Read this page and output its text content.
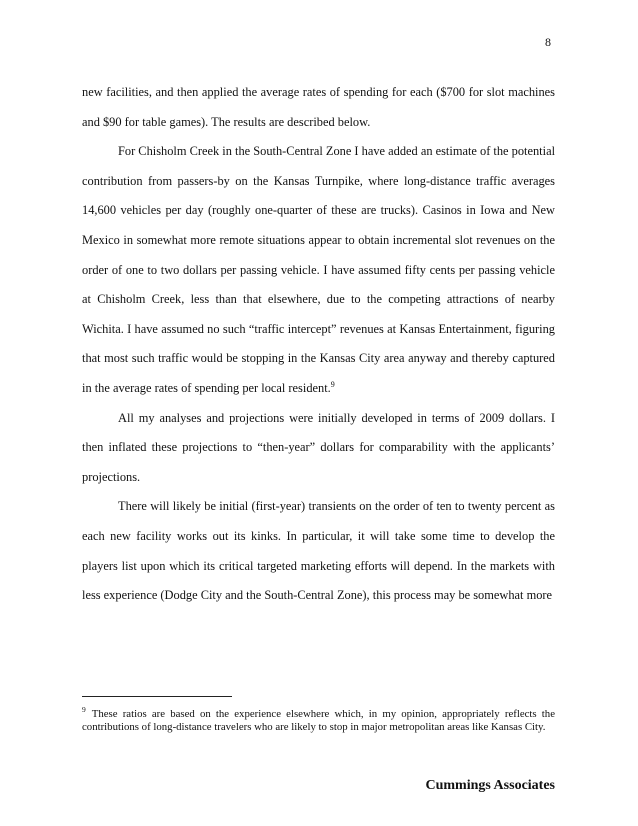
8

new facilities, and then applied the average rates of spending for each ($700 for slot machines and $90 for table games). The results are described below.

For Chisholm Creek in the South-Central Zone I have added an estimate of the potential contribution from passers-by on the Kansas Turnpike, where long-distance traffic averages 14,600 vehicles per day (roughly one-quarter of these are trucks). Casinos in Iowa and New Mexico in somewhat more remote situations appear to obtain incremental slot revenues on the order of one to two dollars per passing vehicle. I have assumed fifty cents per passing vehicle at Chisholm Creek, less than that elsewhere, due to the competing attractions of nearby Wichita. I have assumed no such “traffic intercept” revenues at Kansas Entertainment, figuring that most such traffic would be stopping in the Kansas City area anyway and thereby captured in the average rates of spending per local resident.$^9$

All my analyses and projections were initially developed in terms of 2009 dollars. I then inflated these projections to “then-year” dollars for comparability with the applicants’ projections.

There will likely be initial (first-year) transients on the order of ten to twenty percent as each new facility works out its kinks. In particular, it will take some time to develop the players list upon which its critical targeted marketing efforts will depend. In the markets with less experience (Dodge City and the South-Central Zone), this process may be somewhat more

$^9$ These ratios are based on the experience elsewhere which, in my opinion, appropriately reflects the contributions of long-distance travelers who are likely to stop in major metropolitan areas like Kansas City.
Cummings Associates
